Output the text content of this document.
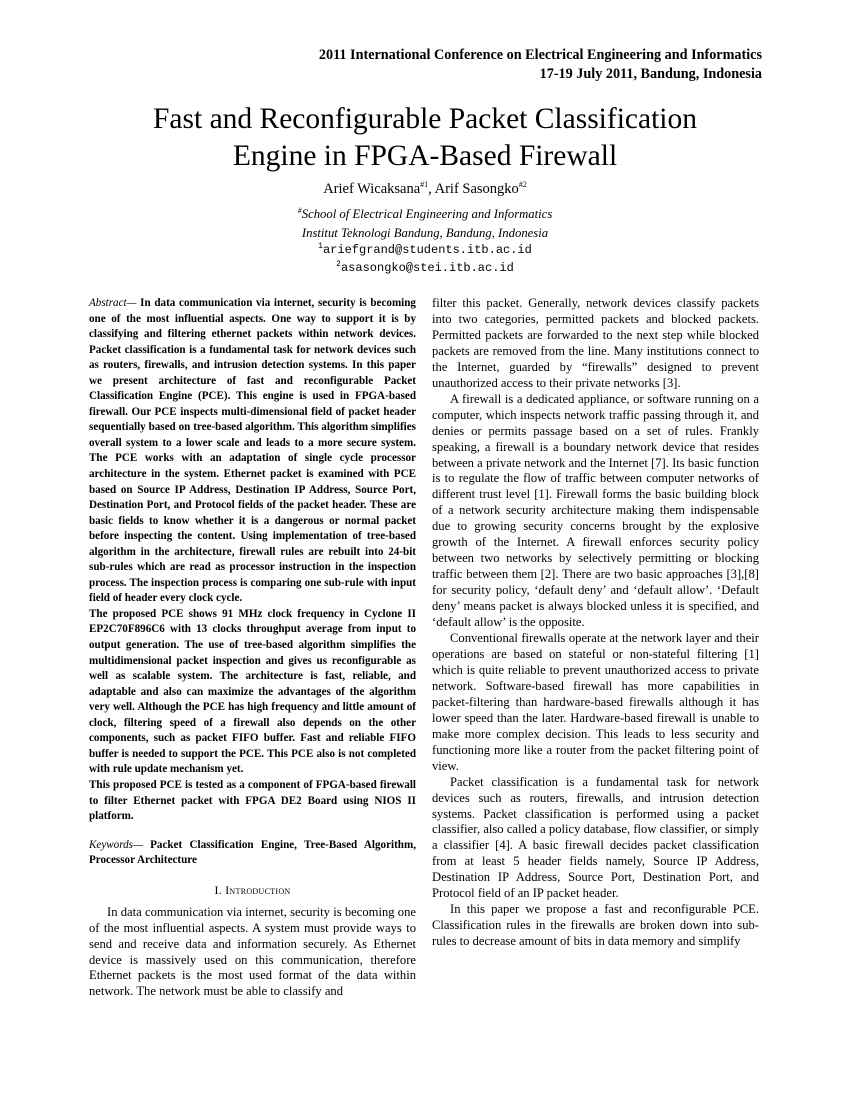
2011 International Conference on Electrical Engineering and Informatics
17-19 July 2011, Bandung, Indonesia
Fast and Reconfigurable Packet Classification
Engine in FPGA-Based Firewall
Arief Wicaksana$^{\#1}$, Arif Sasongko$^{\#2}$
#School of Electrical Engineering and Informatics
Institut Teknologi Bandung, Bandung, Indonesia
$^1$ariefgrand@students.itb.ac.id
$^2$asasongko@stei.itb.ac.id

Abstract— In data communication via internet, security is becoming one of the most influential aspects. One way to support it is by classifying and filtering ethernet packets within network devices. Packet classification is a fundamental task for network devices such as routers, firewalls, and intrusion detection systems. In this paper we present architecture of fast and reconfigurable Packet Classification Engine (PCE). This engine is used in FPGA-based firewall. Our PCE inspects multi-dimensional field of packet header sequentially based on tree-based algorithm. This algorithm simplifies overall system to a lower scale and leads to a more secure system. The PCE works with an adaptation of single cycle processor architecture in the system. Ethernet packet is examined with PCE based on Source IP Address, Destination IP Address, Source Port, Destination Port, and Protocol fields of the packet header. These are basic fields to know whether it is a dangerous or normal packet before inspecting the content. Using implementation of tree-based algorithm in the architecture, firewall rules are rebuilt into 24-bit sub-rules which are read as processor instruction in the inspection process. The inspection process is comparing one sub-rule with input field of header every clock cycle.

The proposed PCE shows 91 MHz clock frequency in Cyclone II EP2C70F896C6 with 13 clocks throughput average from input to output generation. The use of tree-based algorithm simplifies the multidimensional packet inspection and gives us reconfigurable as well as scalable system. The architecture is fast, reliable, and adaptable and also can maximize the advantages of the algorithm very well. Although the PCE has high frequency and little amount of clock, filtering speed of a firewall also depends on the other components, such as packet FIFO buffer. Fast and reliable FIFO buffer is needed to support the PCE. This PCE also is not completed with rule update mechanism yet.

This proposed PCE is tested as a component of FPGA-based firewall to filter Ethernet packet with FPGA DE2 Board using NIOS II platform.

Keywords— Packet Classification Engine, Tree-Based Algorithm, Processor Architecture

I. Introduction

In data communication via internet, security is becoming one of the most influential aspects. A system must provide ways to send and receive data and information securely. As Ethernet device is massively used on this communication, therefore Ethernet packets is the most used format of the data within network. The network must be able to classify and

filter this packet. Generally, network devices classify packets into two categories, permitted packets and blocked packets. Permitted packets are forwarded to the next step while blocked packets are removed from the line. Many institutions connect to the Internet, guarded by “firewalls” designed to prevent unauthorized access to their private networks [3].

A firewall is a dedicated appliance, or software running on a computer, which inspects network traffic passing through it, and denies or permits passage based on a set of rules. Frankly speaking, a firewall is a boundary network device that resides between a private network and the Internet [7]. Its basic function is to regulate the flow of traffic between computer networks of different trust level [1]. Firewall forms the basic building block of a network security architecture making them indispensable due to growing security concerns brought by the explosive growth of the Internet. A firewall enforces security policy between two networks by selectively permitting or blocking traffic between them [2]. There are two basic approaches [3],[8] for security policy, ‘default deny’ and ‘default allow’. ‘Default deny’ means packet is always blocked unless it is specified, and ‘default allow’ is the opposite.

Conventional firewalls operate at the network layer and their operations are based on stateful or non-stateful filtering [1] which is quite reliable to prevent unauthorized access to private network. Software-based firewall has more capabilities in packet-filtering than hardware-based firewalls although it has lower speed than the later. Hardware-based firewall is unable to make more complex decision. This leads to less security and functioning more like a router from the packet filtering point of view.

Packet classification is a fundamental task for network devices such as routers, firewalls, and intrusion detection systems. Packet classification is performed using a packet classifier, also called a policy database, flow classifier, or simply a classifier [4]. A basic firewall decides packet classification from at least 5 header fields namely, Source IP Address, Destination IP Address, Source Port, Destination Port, and Protocol field of an IP packet header.

In this paper we propose a fast and reconfigurable PCE. Classification rules in the firewalls are broken down into sub-rules to decrease amount of bits in data memory and simplify
